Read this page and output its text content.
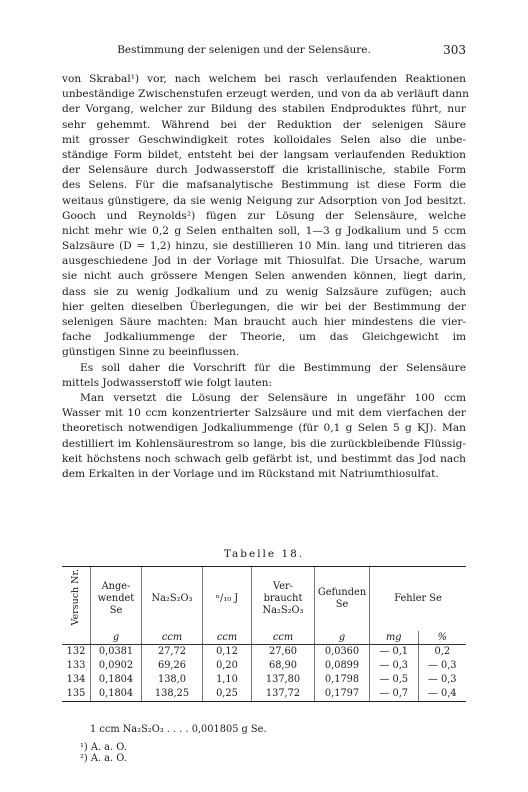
Bestimmung der selenigen und der Selensäure.	303
von Skrabal¹) vor, nach welchem bei rasch verlaufenden Reaktionen
unbeständige Zwischenstufen erzeugt werden, und von da ab verläuft dann
der Vorgang, welcher zur Bildung des stabilen Endproduktes führt, nur
sehr gehemmt. Während bei der Reduktion der selenigen Säure
mit grosser Geschwindigkeit rotes kolloidales Selen also die unbe-
ständige Form bildet, entsteht bei der langsam verlaufenden Reduktion
der Selensäure durch Jodwasserstoff die kristallinische, stabile Form
des Selens. Für die mafsanalytische Bestimmung ist diese Form die
weitaus günstigere, da sie wenig Neigung zur Adsorption von Jod besitzt.
Gooch und Reynolds²) fügen zur Lösung der Selensäure, welche
nicht mehr wie 0,2 g Selen enthalten soll, 1—3 g Jodkalium und 5 ccm
Salzsäure (D = 1,2) hinzu, sie destillieren 10 Min. lang und titrieren das
ausgeschiedene Jod in der Vorlage mit Thiosulfat. Die Ursache, warum
sie nicht auch grössere Mengen Selen anwenden können, liegt darin,
dass sie zu wenig Jodkalium und zu wenig Salzsäure zufügen; auch
hier gelten dieselben Überlegungen, die wir bei der Bestimmung der
selenigen Säure machten: Man braucht auch hier mindestens die vier-
fache Jodkaliummenge der Theorie, um das Gleichgewicht im
günstigen Sinne zu beeinflussen.
Es soll daher die Vorschrift für die Bestimmung der Selensäure
mittels Jodwasserstoff wie folgt lauten:
Man versetzt die Lösung der Selensäure in ungefähr 100 ccm
Wasser mit 10 ccm konzentrierter Salzsäure und mit dem vierfachen der
theoretisch notwendigen Jodkaliummenge (für 0,1 g Selen 5 g KJ). Man
destilliert im Kohlensäurestrom so lange, bis die zurückbleibende Flüssig-
keit höchstens noch schwach gelb gefärbt ist, und bestimmt das Jod nach
dem Erkalten in der Vorlage und im Rückstand mit Natriumthiosulfat.
Tabelle 18.
Versuch Nr.	Ange- wendet Se	Na₂S₂O₃	ⁿ/₁₀ J	Ver- braucht Na₂S₂O₃	Gefunden Se	Fehler Se	
	g	ccm	ccm	ccm	g	mg	%
132	0,0381	27,72	0,12	27,60	0,0360	— 0,1	0,2
133	0,0902	69,26	0,20	68,90	0,0899	— 0,3	— 0,3
134	0,1804	138,0	1,10	137,80	0,1798	— 0,5	— 0,3
135	0,1804	138,25	0,25	137,72	0,1797	— 0,7	— 0,4
1 ccm Na₂S₂O₃ . . . . 0,001805 g Se.
¹) A. a. O.
²) A. a. O.
